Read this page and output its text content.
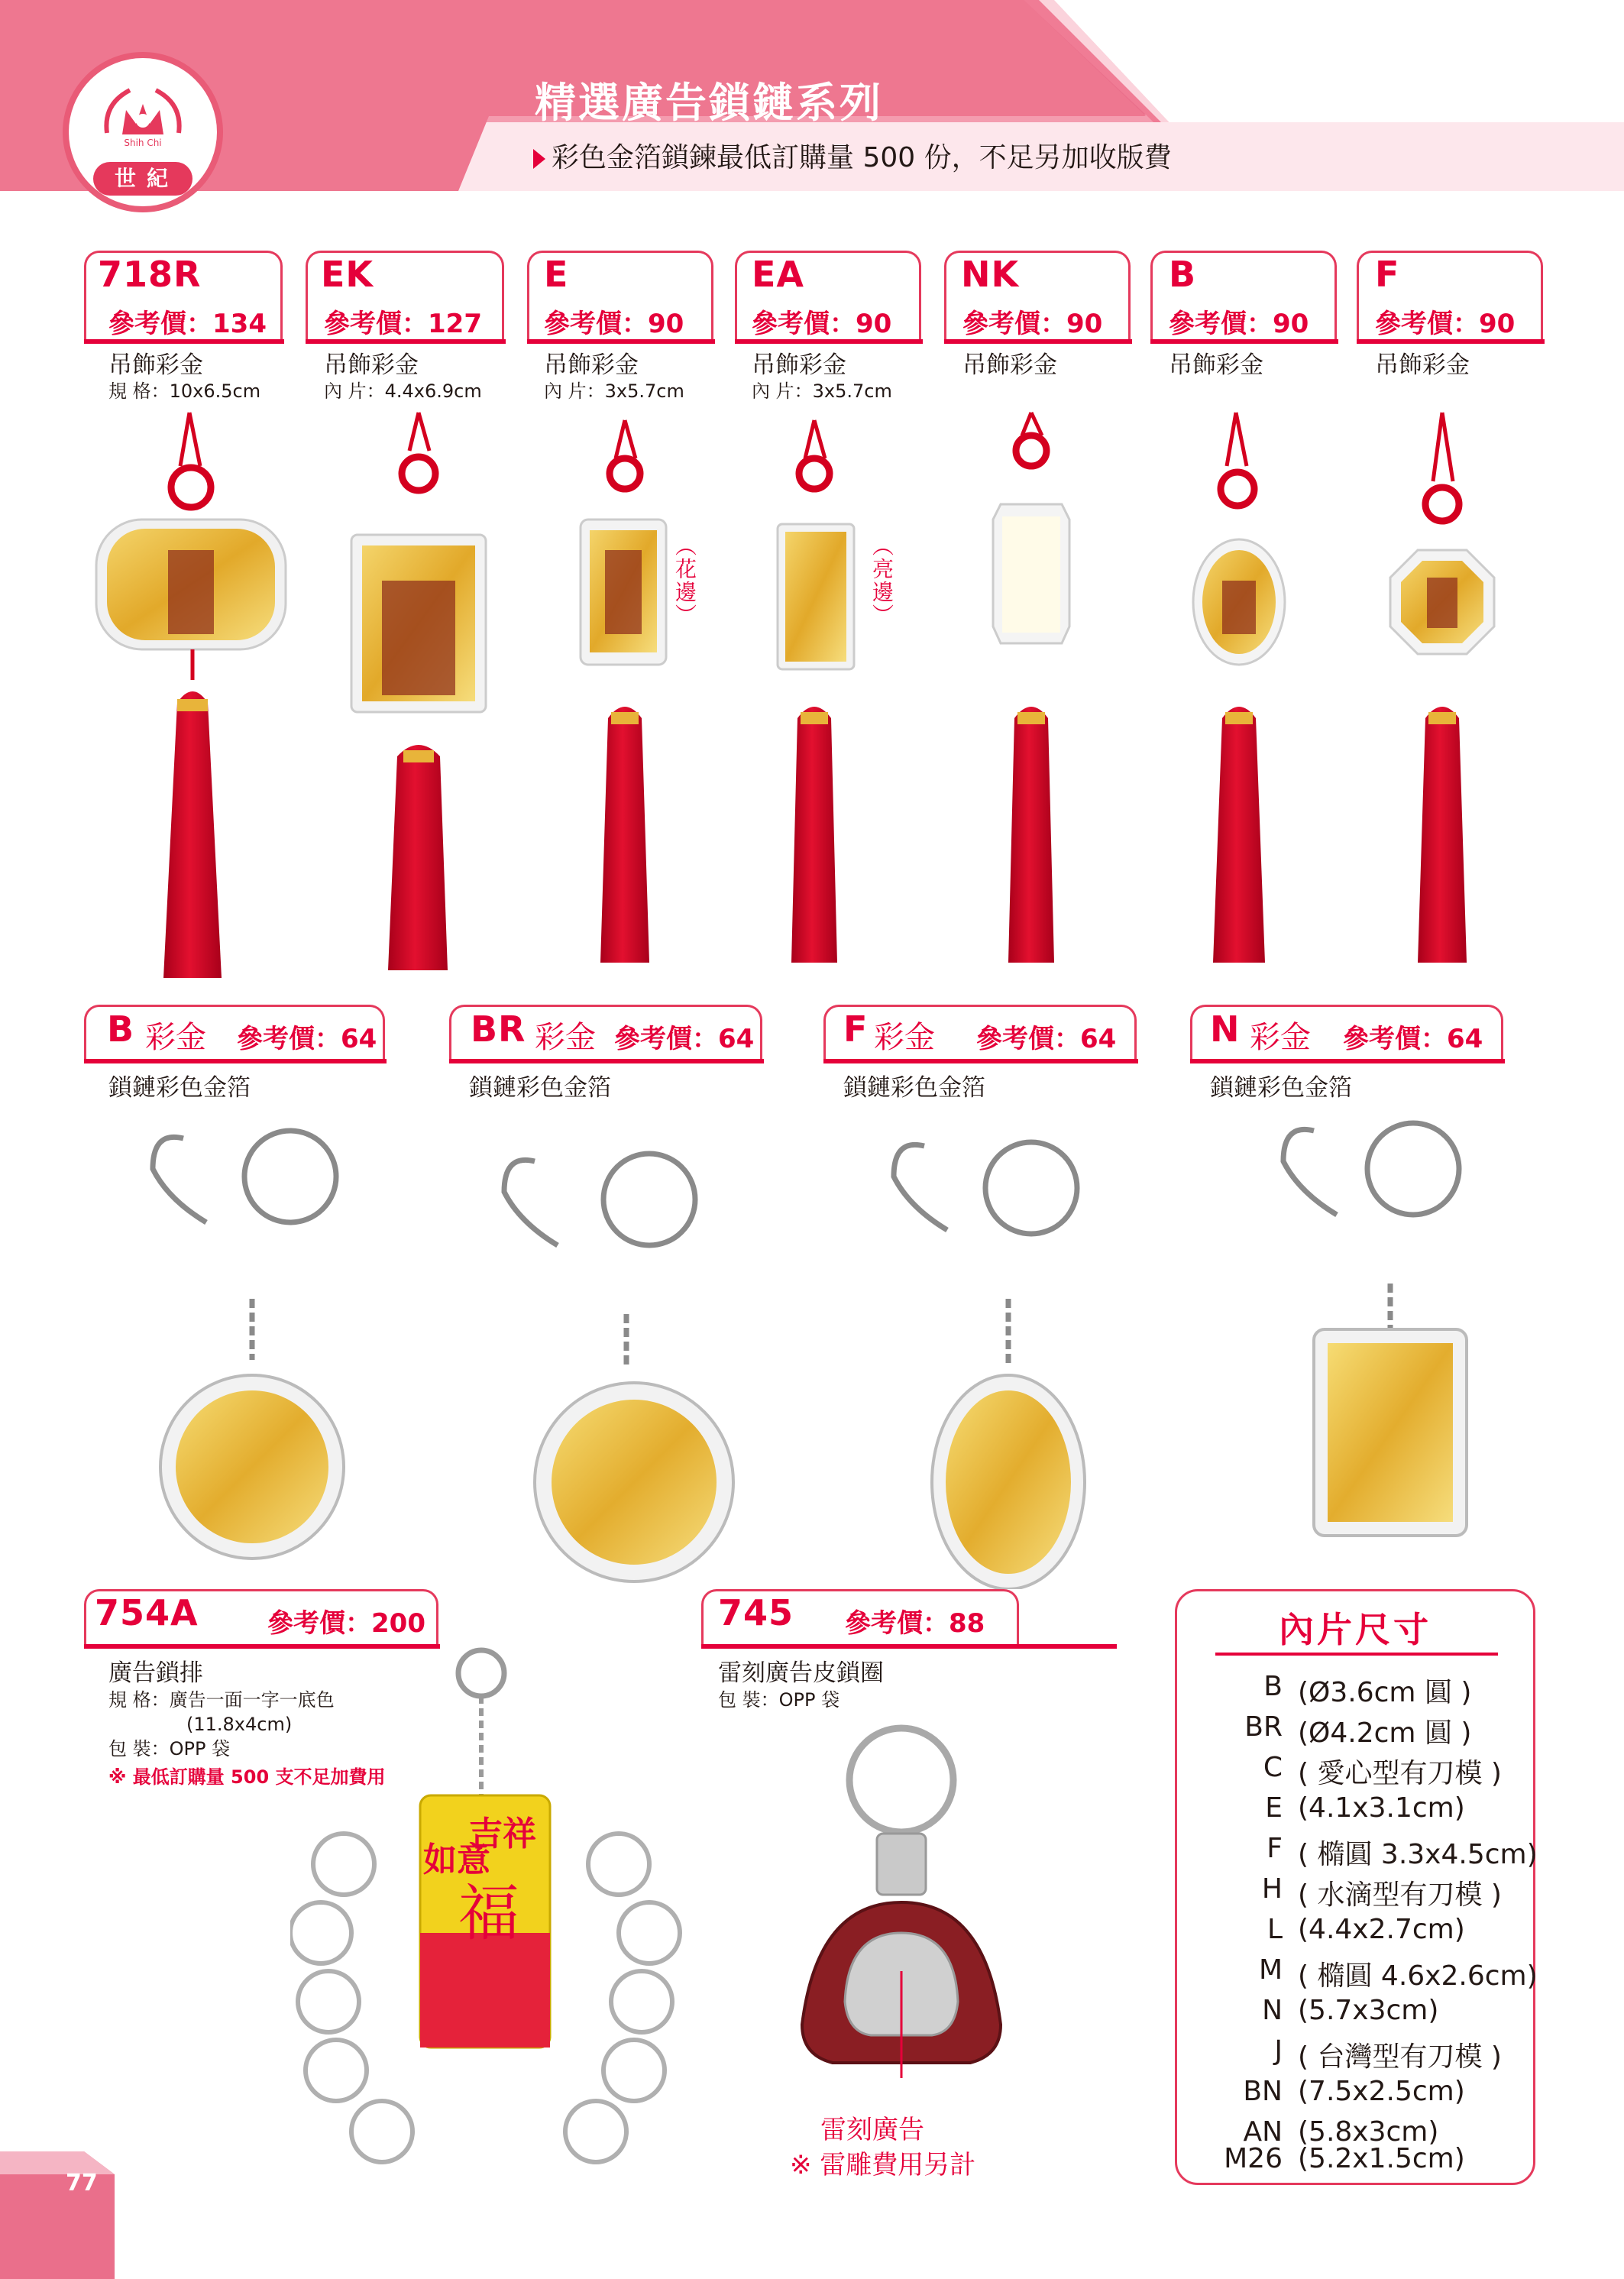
Shih Chi
世紀
精選廣告鎖鏈系列
彩色金箔鎖鍊最低訂購量 500 份，不足另加收版費
718R
參考價：134
吊飾彩金
規 格：10x6.5cm
EK
參考價：127
吊飾彩金
內 片：4.4x6.9cm
E
參考價：90
吊飾彩金
內 片：3x5.7cm
EA
參考價：90
吊飾彩金
內 片：3x5.7cm
NK
參考價：90
吊飾彩金
B
參考價：90
吊飾彩金
F
參考價：90
吊飾彩金
（花邊）	（亮邊）
B 彩金 參考價：64
鎖鏈彩色金箔
BR 彩金 參考價：64
鎖鏈彩色金箔
F 彩金 參考價：64
鎖鏈彩色金箔
N 彩金 參考價：64
鎖鏈彩色金箔
754A	參考價：200
廣告鎖排
規 格：廣告一面一字一底色
(11.8x4cm)
包 裝：OPP 袋
※ 最低訂購量 500 支不足加費用
吉祥
如意
福
745 參考價：88
雷刻廣告皮鎖圈
包 裝：OPP 袋
雷刻廣告
※ 雷雕費用另計
內片尺寸
B (Ø3.6cm 圓 )
BR (Ø4.2cm 圓 )
C ( 愛心型有刀模 )
E (4.1x3.1cm)
F ( 橢圓 3.3x4.5cm)
H ( 水滴型有刀模 )
L (4.4x2.7cm)
M ( 橢圓 4.6x2.6cm)
N (5.7x3cm)
J ( 台灣型有刀模 )
BN (7.5x2.5cm)
AN (5.8x3cm)
M26 (5.2x1.5cm)
77
